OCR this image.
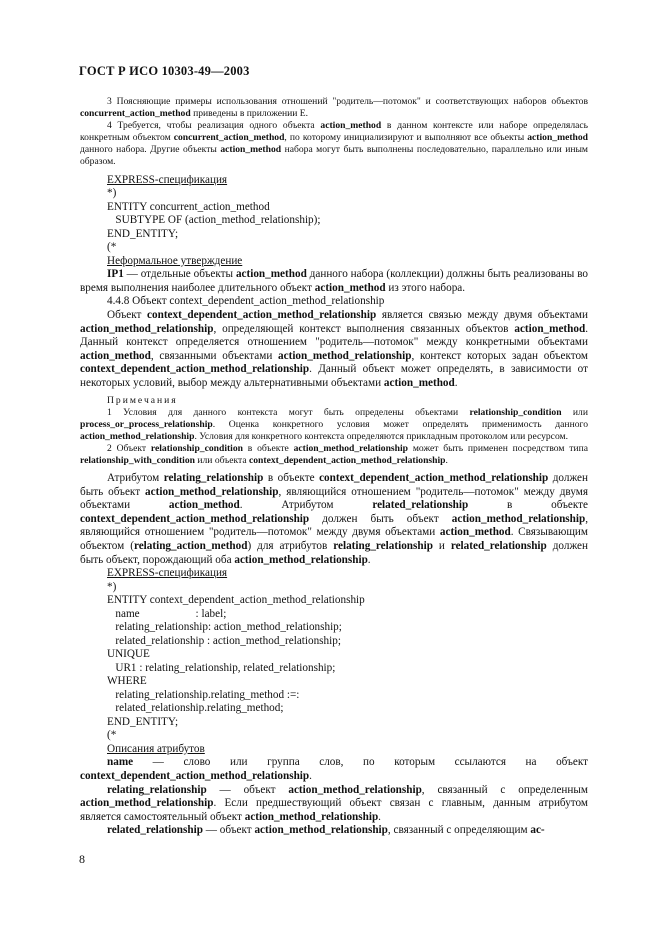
ГОСТ Р ИСО 10303-49—2003

3 Поясняющие примеры использования отношений "родитель—потомок" и соответствующих наборов объектов concurrent_action_method приведены в приложении Е.

4 Требуется, чтобы реализация одного объекта action_method в данном контексте или наборе определялась конкретным объектом concurrent_action_method, по которому инициализируют и выполняют все объекты action_method данного набора. Другие объекты action_method набора могут быть выполнены последовательно, параллельно или иным образом.

EXPRESS-спецификация

*)

ENTITY concurrent_action_method

SUBTYPE OF (action_method_relationship);

END_ENTITY;

(*

Неформальное утверждение

IP1 — отдельные объекты action_method данного набора (коллекции) должны быть реализованы во время выполнения наиболее длительного объект action_method из этого набора.

4.4.8 Объект context_dependent_action_method_relationship

Объект context_dependent_action_method_relationship является связью между двумя объектами action_method_relationship, определяющей контекст выполнения связанных объектов action_method. Данный контекст определяется отношением "родитель—потомок" между конкретными объектами action_method, связанными объектами action_method_relationship, контекст которых задан объектом context_dependent_action_method_relationship. Данный объект может определять, в зависимости от некоторых условий, выбор между альтернативными объектами action_method.

Примечания

1 Условия для данного контекста могут быть определены объектами relationship_condition или process_or_process_relationship. Оценка конкретного условия может определять применимость данного action_method_relationship. Условия для конкретного контекста определяются прикладным протоколом или ресурсом.

2 Объект relationship_condition в объекте action_method_relationship может быть применен посредством типа relationship_with_condition или объекта context_dependent_action_method_relationship.

Атрибутом relating_relationship в объекте context_dependent_action_method_relationship должен быть объект action_method_relationship, являющийся отношением "родитель—потомок" между двумя объектами action_method. Атрибутом related_relationship в объекте context_dependent_action_method_relationship должен быть объект action_method_relationship, являющийся отношением "родитель—потомок" между двумя объектами action_method. Связывающим объектом (relating_action_method) для атрибутов relating_relationship и related_relationship должен быть объект, порождающий оба action_method_relationship.

EXPRESS-спецификация

*)

ENTITY context_dependent_action_method_relationship

name                    : label;

relating_relationship: action_method_relationship;

related_relationship : action_method_relationship;

UNIQUE

UR1 : relating_relationship, related_relationship;

WHERE

relating_relationship.relating_method :=:

related_relationship.relating_method;

END_ENTITY;

(*

Описания атрибутов

name — слово или группа слов, по которым ссылаются на объект context_dependent_action_method_relationship.

relating_relationship — объект action_method_relationship, связанный с определенным action_method_relationship. Если предшествующий объект связан с главным, данным атрибутом является самостоятельный объект action_method_relationship.

related_relationship — объект action_method_relationship, связанный с определяющим ac-

8
